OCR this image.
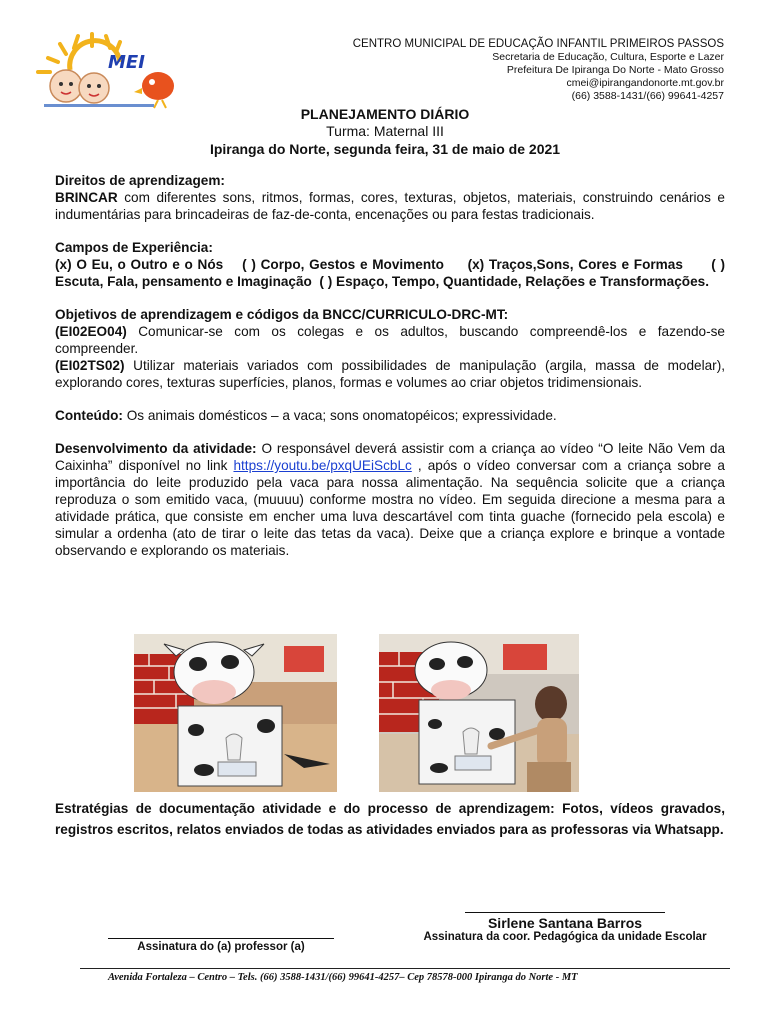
MEI
CENTRO MUNICIPAL DE EDUCAÇÃO INFANTIL PRIMEIROS PASSOS
Secretaria de Educação, Cultura, Esporte e Lazer
Prefeitura De Ipiranga Do Norte - Mato Grosso
cmei@ipirangandonorte.mt.gov.br
(66) 3588-1431/(66) 99641-4257
PLANEJAMENTO DIÁRIO
Turma: Maternal III
Ipiranga do Norte, segunda feira, 31 de maio de 2021

Direitos de aprendizagem:

BRINCAR com diferentes sons, ritmos, formas, cores, texturas, objetos, materiais, construindo cenários e indumentárias para brincadeiras de faz-de-conta, encenações ou para festas tradicionais.

Campos de Experiência:

(x) O Eu, o Outro e o Nós    ( ) Corpo, Gestos e Movimento     (x) Traços,Sons, Cores e Formas      ( ) Escuta, Fala, pensamento e Imaginação  ( ) Espaço, Tempo, Quantidade, Relações e Transformações.

Objetivos de aprendizagem e códigos da BNCC/CURRICULO-DRC-MT:

(EI02EO04) Comunicar-se com os colegas e os adultos, buscando compreendê-los e fazendo-se compreender.

(EI02TS02) Utilizar materiais variados com possibilidades de manipulação (argila, massa de modelar), explorando cores, texturas superfícies, planos, formas e volumes ao criar objetos tridimensionais.

Conteúdo: Os animais domésticos – a vaca; sons onomatopéicos; expressividade.

Desenvolvimento da atividade: O responsável deverá assistir com a criança ao vídeo “O leite Não Vem da Caixinha” disponível no link https://youtu.be/pxqUEiScbLc , após o vídeo conversar com a criança sobre a importância do leite produzido pela vaca para nossa alimentação. Na sequência solicite que a criança reproduza o som emitido vaca, (muuuu) conforme mostra no vídeo. Em seguida direcione a mesma para a atividade prática, que consiste em encher uma luva descartável com tinta guache (fornecido pela escola) e simular a ordenha (ato de tirar o leite das tetas da vaca). Deixe que a criança explore e brinque a vontade observando e explorando os materiais.

Estratégias de documentação atividade e do processo de aprendizagem: Fotos, vídeos gravados, registros escritos, relatos enviados de todas as atividades enviados para as professoras via Whatsapp.
Assinatura do (a) professor (a)
Sirlene Santana Barros
Assinatura da coor. Pedagógica da unidade Escolar
Avenida Fortaleza – Centro – Tels. (66) 3588-1431/(66) 99641-4257– Cep 78578-000 Ipiranga do Norte - MT
